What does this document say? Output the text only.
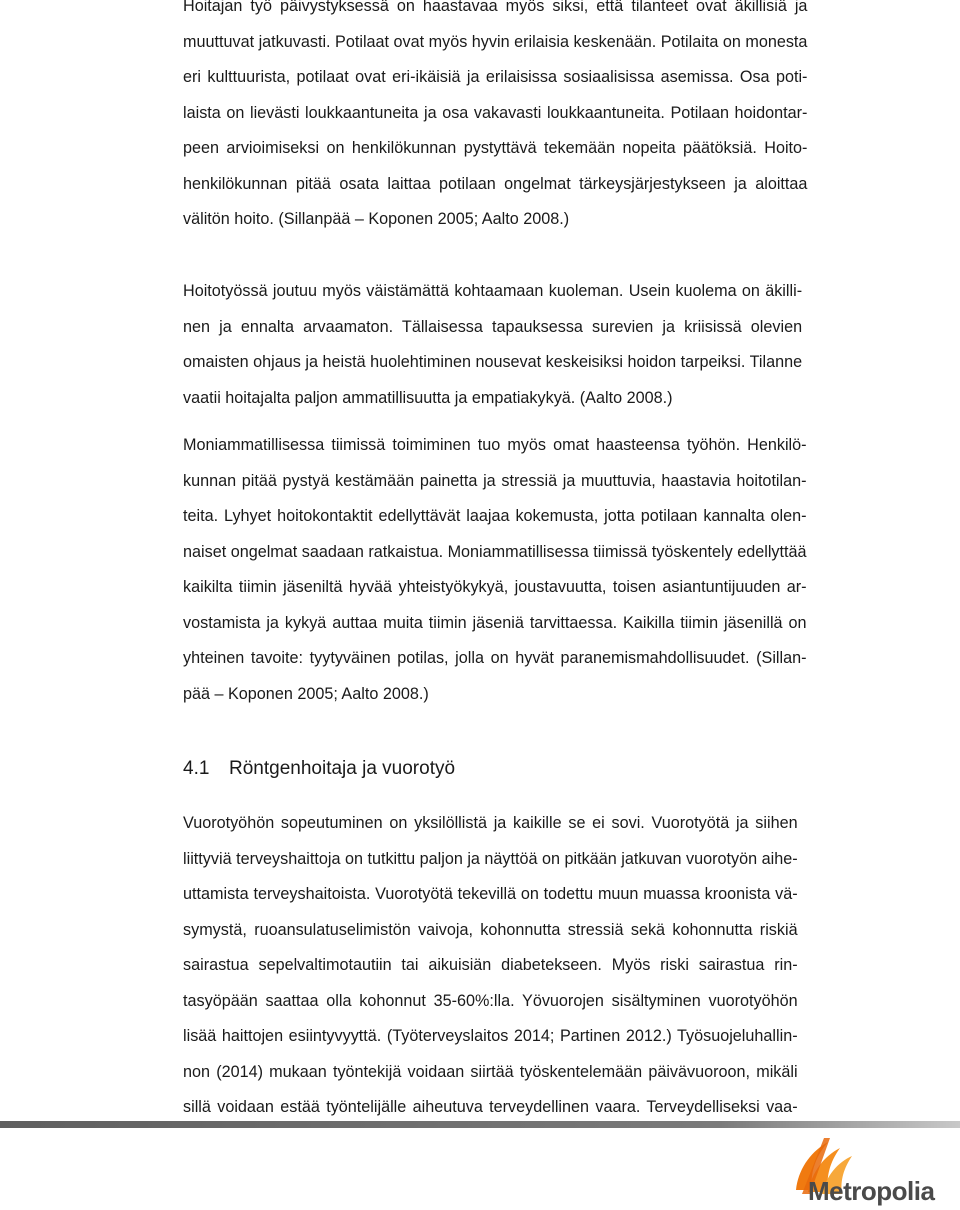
Hoitajan työ päivystyksessä on haastavaa myös siksi, että tilanteet ovat äkillisiä ja
muuttuvat jatkuvasti. Potilaat ovat myös hyvin erilaisia keskenään. Potilaita on monesta
eri kulttuurista, potilaat ovat eri-ikäisiä ja erilaisissa sosiaalisissa asemissa. Osa poti-
laista on lievästi loukkaantuneita ja osa vakavasti loukkaantuneita. Potilaan hoidontar-
peen arvioimiseksi on henkilökunnan pystyttävä tekemään nopeita päätöksiä. Hoito-
henkilökunnan pitää osata laittaa potilaan ongelmat tärkeysjärjestykseen ja aloittaa
välitön hoito. (Sillanpää – Koponen 2005; Aalto 2008.)
Hoitotyössä joutuu myös väistämättä kohtaamaan kuoleman. Usein kuolema on äkilli-
nen ja ennalta arvaamaton. Tällaisessa tapauksessa surevien ja kriisissä olevien
omaisten ohjaus ja heistä huolehtiminen nousevat keskeisiksi hoidon tarpeiksi. Tilanne
vaatii hoitajalta paljon ammatillisuutta ja empatiakykyä. (Aalto 2008.)
Moniammatillisessa tiimissä toimiminen tuo myös omat haasteensa työhön. Henkilö-
kunnan pitää pystyä kestämään painetta ja stressiä ja muuttuvia, haastavia hoitotilan-
teita. Lyhyet hoitokontaktit edellyttävät laajaa kokemusta, jotta potilaan kannalta olen-
naiset ongelmat saadaan ratkaistua. Moniammatillisessa tiimissä työskentely edellyttää
kaikilta tiimin jäseniltä hyvää yhteistyökykyä, joustavuutta, toisen asiantuntijuuden ar-
vostamista ja kykyä auttaa muita tiimin jäseniä tarvittaessa. Kaikilla tiimin jäsenillä on
yhteinen tavoite: tyytyväinen potilas, jolla on hyvät paranemismahdollisuudet. (Sillan-
pää – Koponen 2005; Aalto 2008.)
4.1 Röntgenhoitaja ja vuorotyö
Vuorotyöhön sopeutuminen on yksilöllistä ja kaikille se ei sovi. Vuorotyötä ja siihen
liittyviä terveyshaittoja on tutkittu paljon ja näyttöä on pitkään jatkuvan vuorotyön aihe-
uttamista terveyshaitoista. Vuorotyötä tekevillä on todettu muun muassa kroonista vä-
symystä, ruoansulatuselimistön vaivoja, kohonnutta stressiä sekä kohonnutta riskiä
sairastua sepelvaltimotautiin tai aikuisiän diabetekseen. Myös riski sairastua rin-
tasyöpään saattaa olla kohonnut 35-60%:lla. Yövuorojen sisältyminen vuorotyöhön
lisää haittojen esiintyvyyttä. (Työterveyslaitos 2014; Partinen 2012.) Työsuojeluhallin-
non (2014) mukaan työntekijä voidaan siirtää työskentelemään päivävuoroon, mikäli
sillä voidaan estää työntelijälle aiheutuva terveydellinen vaara. Terveydelliseksi vaa-
Metropolia
